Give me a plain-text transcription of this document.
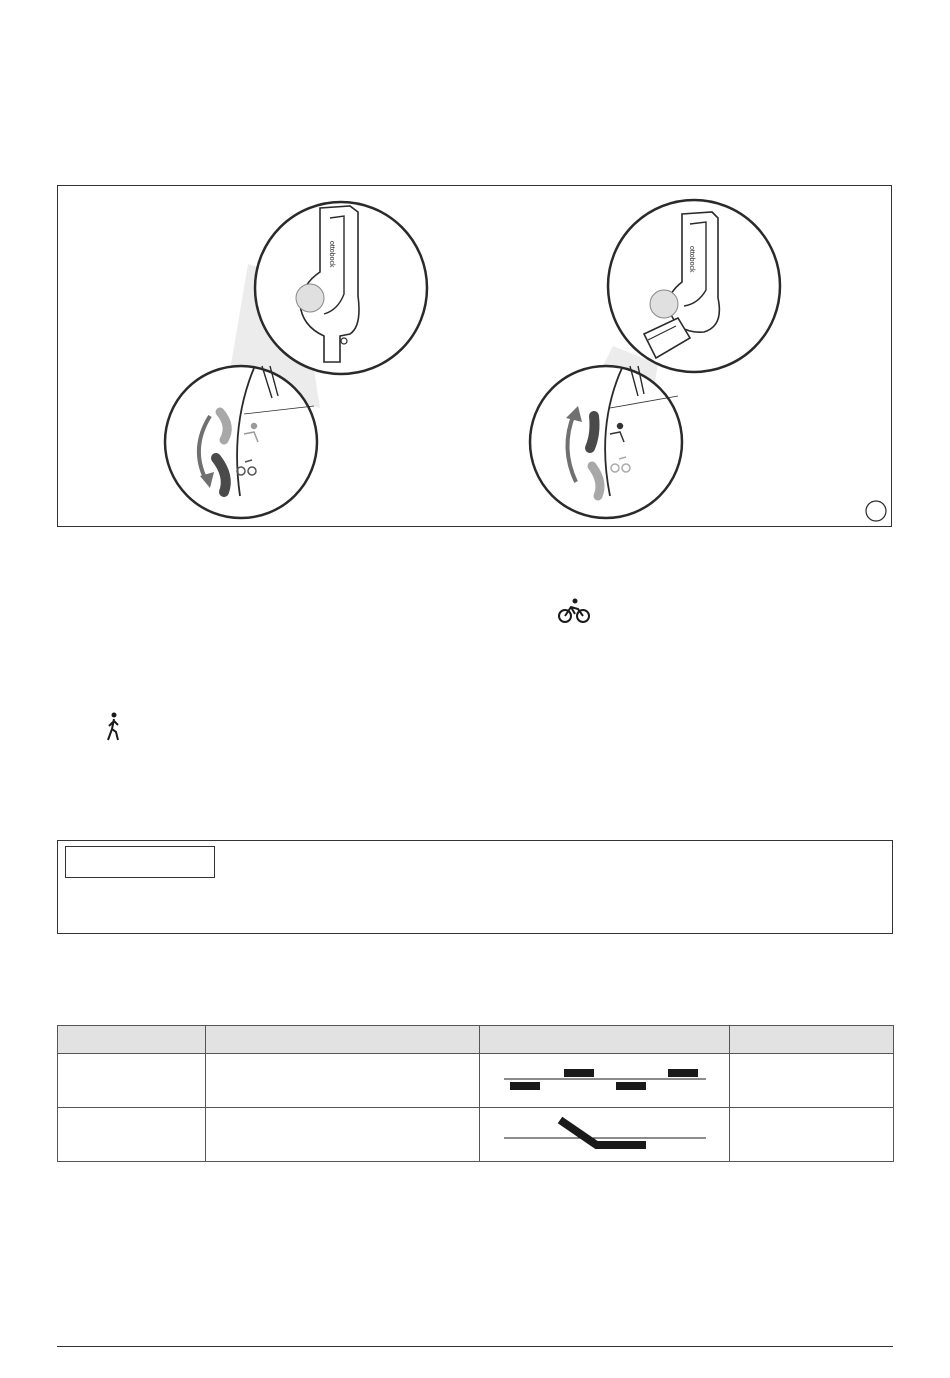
ottobock	ottobock
